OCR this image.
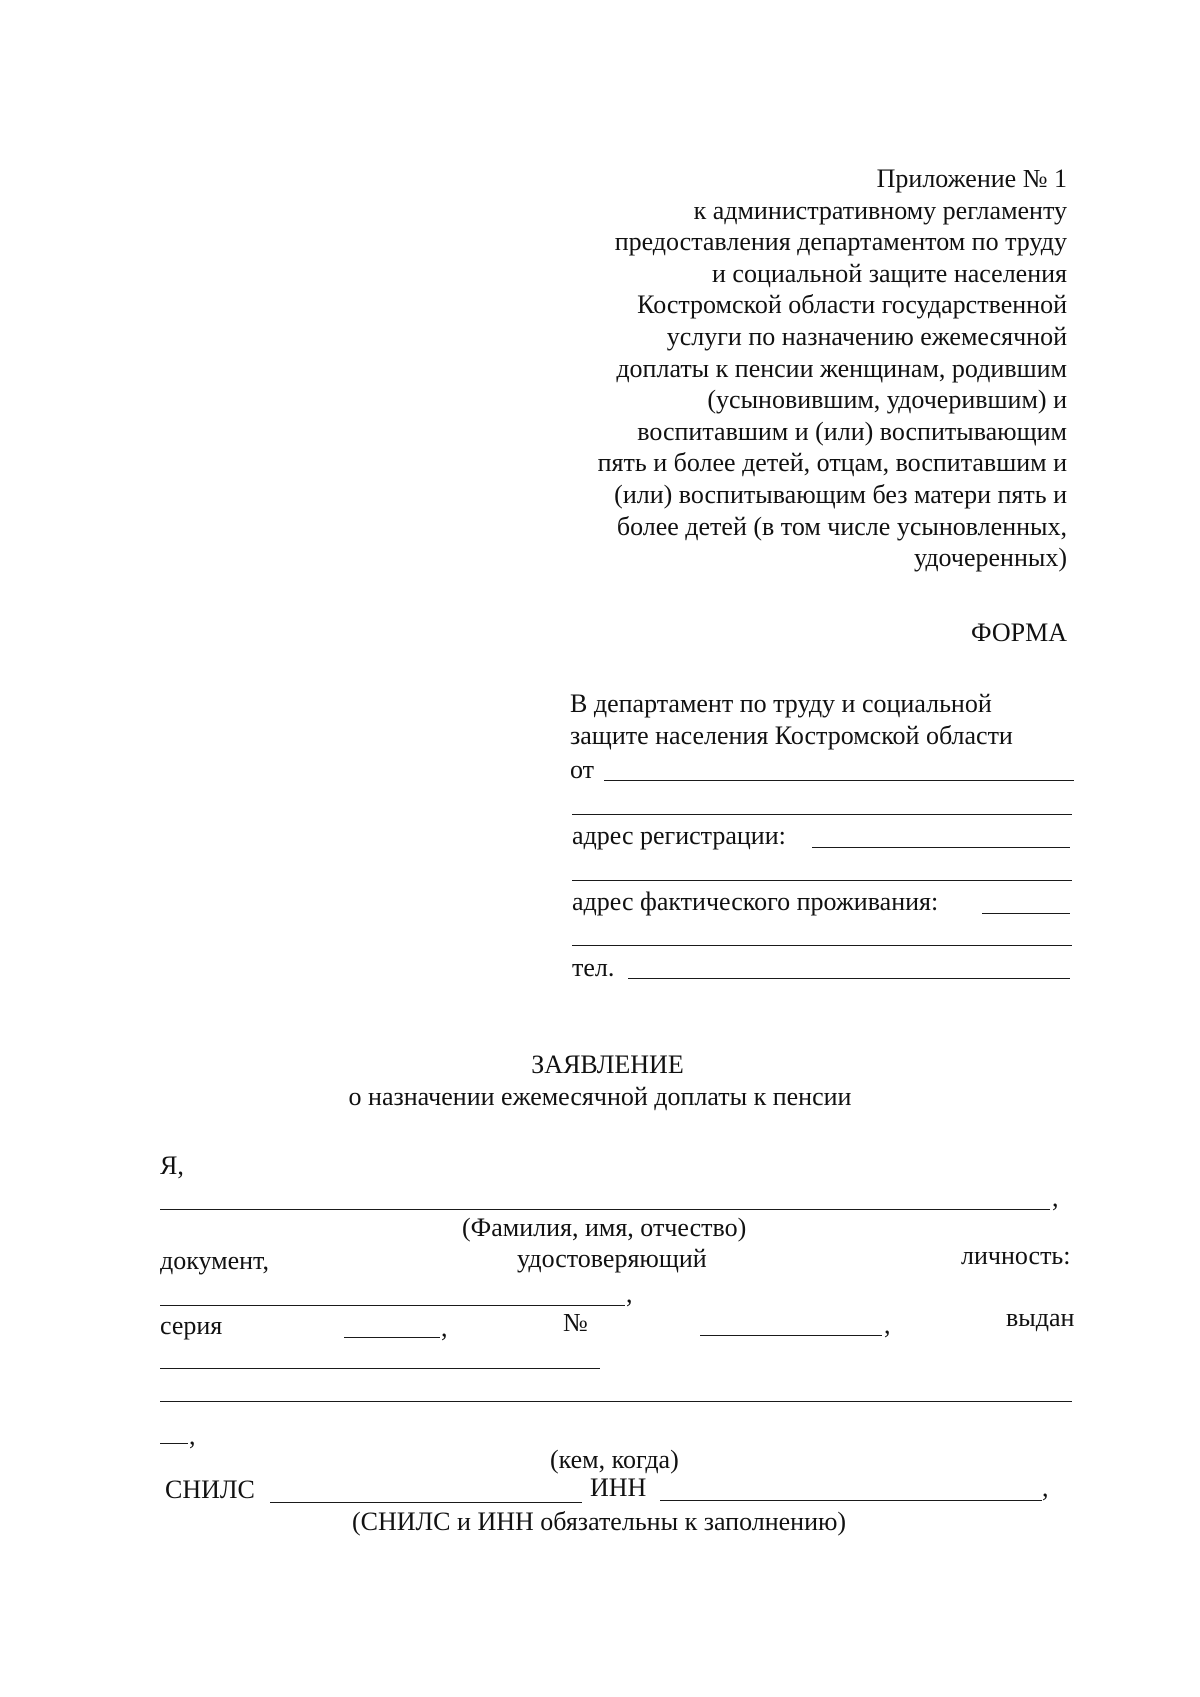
Приложение № 1
к административному регламенту
предоставления департаментом по труду
и социальной защите населения
Костромской области государственной
услуги по назначению ежемесячной
доплаты к пенсии женщинам, родившим
(усыновившим, удочерившим) и
воспитавшим и (или) воспитывающим
пять и более детей, отцам, воспитавшим и
(или) воспитывающим без матери пять и
более детей (в том числе усыновленных,
удочеренных)
ФОРМА
В департамент по труду и социальной
защите населения Костромской области
от
адрес регистрации:
адрес фактического проживания:
тел.
ЗАЯВЛЕНИЕ
о назначении ежемесячной доплаты к пенсии
Я,
,
(Фамилия, имя, отчество)
документ,	удостоверяющий	личность:
,
серия	,	№	,	выдан
,
(кем, когда)
СНИЛС	ИНН	,
(СНИЛС и ИНН обязательны к заполнению)
